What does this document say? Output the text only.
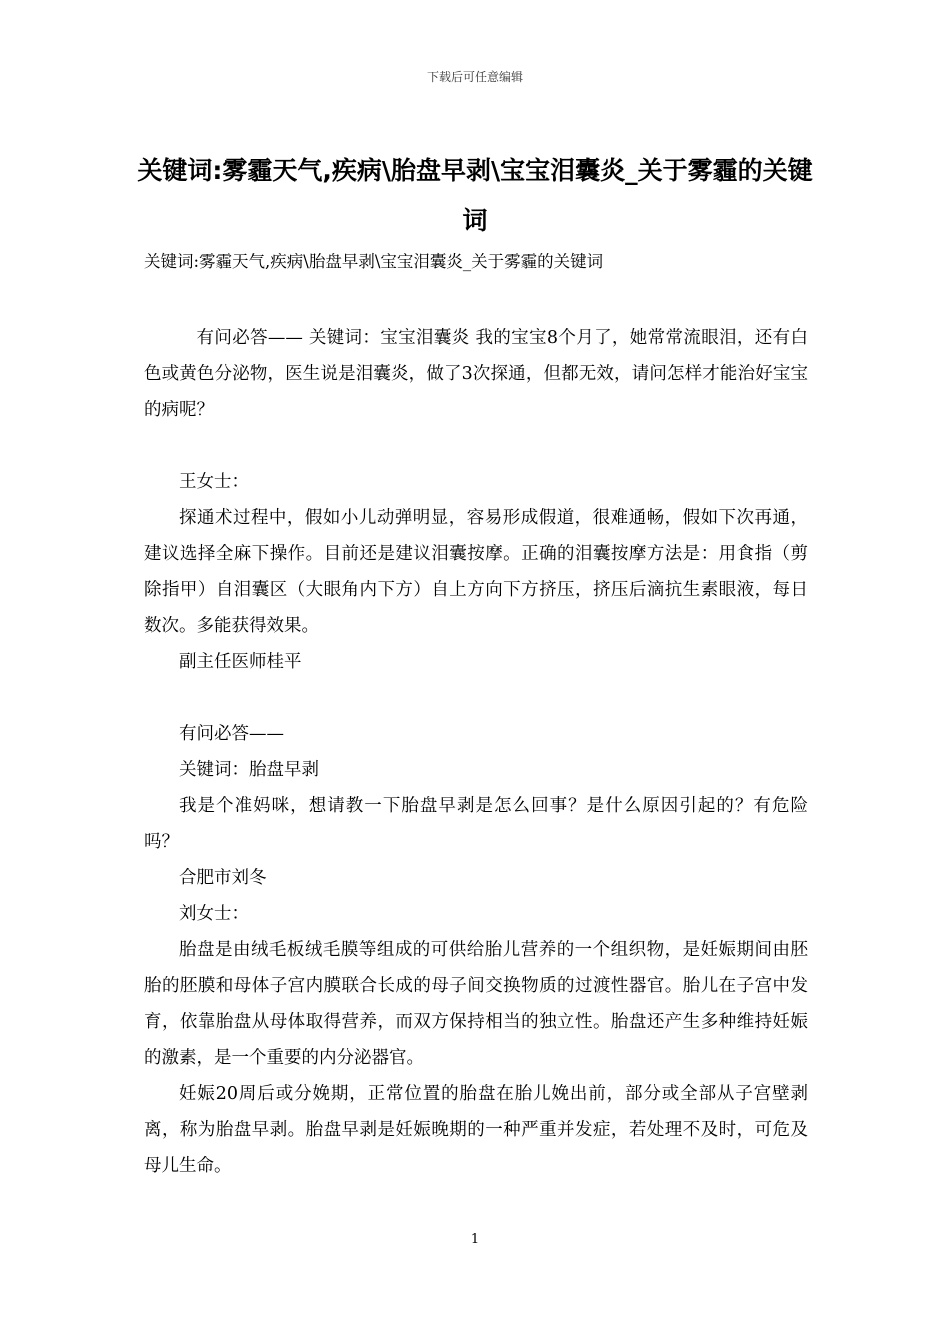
下载后可任意编辑
关键词:雾霾天气,疾病\胎盘早剥\宝宝泪囊炎_关于雾霾的关键词
关键词:雾霾天气,疾病\胎盘早剥\宝宝泪囊炎_关于雾霾的关键词

有问必答—— 关键词：宝宝泪囊炎 我的宝宝8个月了，她常常流眼泪，还有白色或黄色分泌物，医生说是泪囊炎，做了3次探通，但都无效，请问怎样才能治好宝宝的病呢？

王女士：

探通术过程中，假如小儿动弹明显，容易形成假道，很难通畅，假如下次再通，建议选择全麻下操作。目前还是建议泪囊按摩。正确的泪囊按摩方法是：用食指（剪除指甲）自泪囊区（大眼角内下方）自上方向下方挤压，挤压后滴抗生素眼液，每日数次。多能获得效果。

副主任医师桂平

有问必答——

关键词：胎盘早剥

我是个准妈咪，想请教一下胎盘早剥是怎么回事？是什么原因引起的？有危险吗？

合肥市刘冬

刘女士：

胎盘是由绒毛板绒毛膜等组成的可供给胎儿营养的一个组织物，是妊娠期间由胚胎的胚膜和母体子宫内膜联合长成的母子间交换物质的过渡性器官。胎儿在子宫中发育，依靠胎盘从母体取得营养，而双方保持相当的独立性。胎盘还产生多种维持妊娠的激素，是一个重要的内分泌器官。

妊娠20周后或分娩期，正常位置的胎盘在胎儿娩出前，部分或全部从子宫壁剥离，称为胎盘早剥。胎盘早剥是妊娠晚期的一种严重并发症，若处理不及时，可危及母儿生命。

1
